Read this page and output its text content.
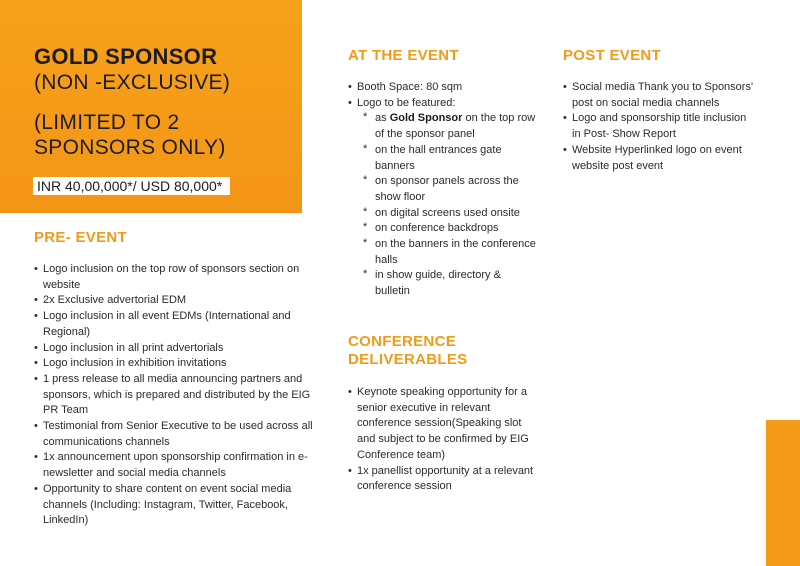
GOLD SPONSOR
(NON -EXCLUSIVE)
(LIMITED TO 2 SPONSORS ONLY)
INR 40,00,000*/ USD 80,000*
PRE- EVENT
• Logo inclusion on the top row of sponsors section on website
• 2x Exclusive advertorial EDM
• Logo inclusion in all event EDMs (International and Regional)
• Logo inclusion in all print advertorials
• Logo inclusion in exhibition invitations
• 1 press release to all media announcing partners and sponsors, which is prepared and distributed by the EIG PR Team
• Testimonial from Senior Executive to be used across all communications channels
• 1x announcement upon sponsorship confirmation in e-newsletter and social media channels
• Opportunity to share content on event social media channels (Including: Instagram, Twitter, Facebook, LinkedIn)
AT THE EVENT
• Booth Space: 80 sqm
• Logo to be featured:
* as Gold Sponsor on the top row of the sponsor panel
* on the hall entrances gate banners
* on sponsor panels across the show floor
* on digital screens used onsite
* on conference backdrops
* on the banners in the conference halls
* in show guide, directory & bulletin
CONFERENCE
DELIVERABLES
• Keynote speaking opportunity for a senior executive in relevant conference session(Speaking slot and subject to be confirmed by EIG Conference team)
• 1x panellist opportunity at a relevant conference session
POST EVENT
• Social media Thank you to Sponsors' post on social media channels
• Logo and sponsorship title inclusion in Post- Show Report
• Website Hyperlinked logo on event website post event
